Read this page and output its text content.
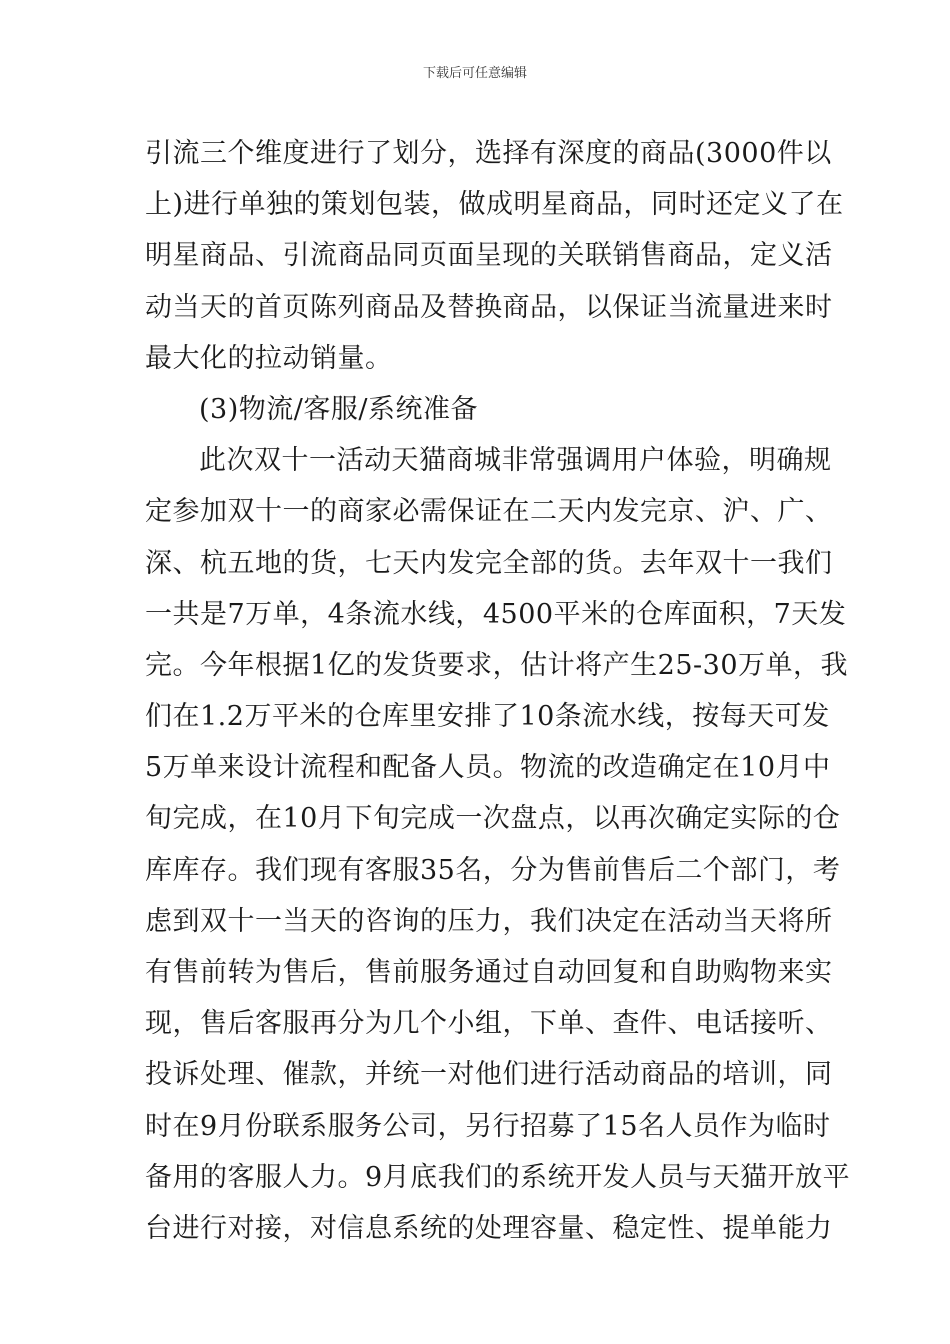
下载后可任意编辑
引流三个维度进行了划分，选择有深度的商品(3000件以
上)进行单独的策划包装，做成明星商品，同时还定义了在
明星商品、引流商品同页面呈现的关联销售商品，定义活
动当天的首页陈列商品及替换商品，以保证当流量进来时
最大化的拉动销量。
(3)物流/客服/系统准备
此次双十一活动天猫商城非常强调用户体验，明确规
定参加双十一的商家必需保证在二天内发完京、沪、广、
深、杭五地的货，七天内发完全部的货。去年双十一我们
一共是7万单，4条流水线，4500平米的仓库面积，7天发
完。今年根据1亿的发货要求，估计将产生25-30万单，我
们在1.2万平米的仓库里安排了10条流水线，按每天可发
5万单来设计流程和配备人员。物流的改造确定在10月中
旬完成，在10月下旬完成一次盘点，以再次确定实际的仓
库库存。我们现有客服35名，分为售前售后二个部门，考
虑到双十一当天的咨询的压力，我们决定在活动当天将所
有售前转为售后，售前服务通过自动回复和自助购物来实
现，售后客服再分为几个小组，下单、查件、电话接听、
投诉处理、催款，并统一对他们进行活动商品的培训，同
时在9月份联系服务公司，另行招募了15名人员作为临时
备用的客服人力。9月底我们的系统开发人员与天猫开放平
台进行对接，对信息系统的处理容量、稳定性、提单能力
